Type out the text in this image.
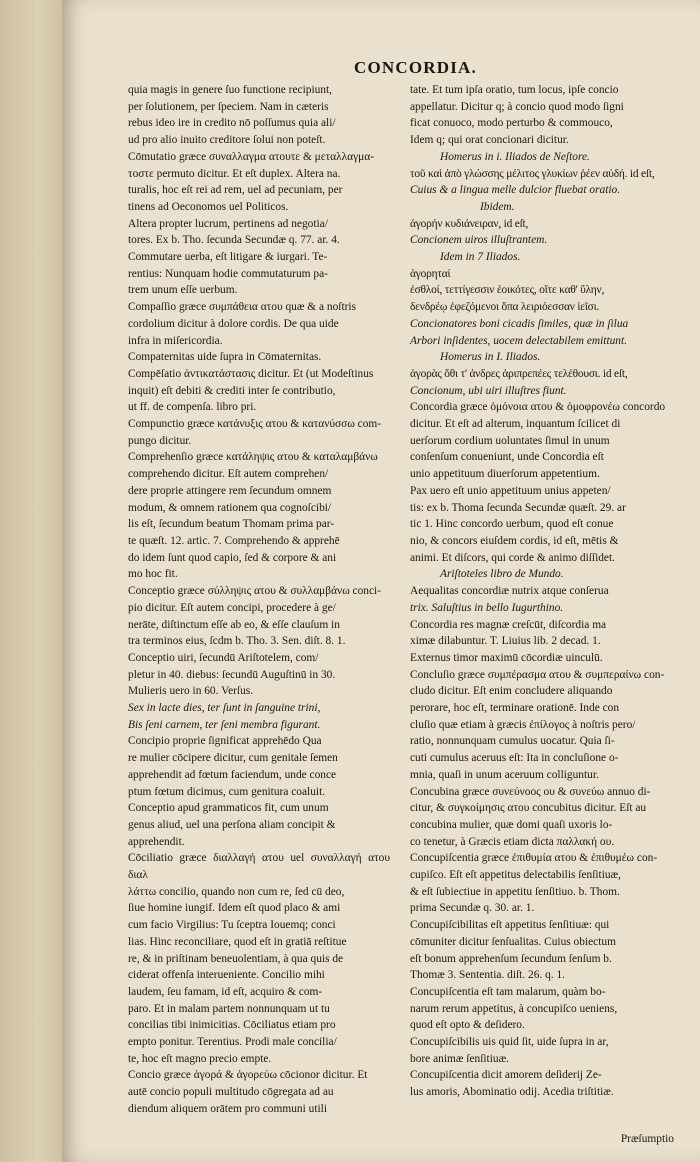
CONCORDIA.

quia magis in genere ſuo functione recipiunt,

per ſolutionem, per ſpeciem. Nam in cæteris

rebus ideo ire in credito nō poſſumus quia ali/

ud pro alio inuito creditore ſolui non poteſt.

Cōmutatio græce συναλλαγμα ατουτε & μεταλλαγμα-

τοστε permuto dicitur. Et eſt duplex. Altera na.

turalis, hoc eſt rei ad rem, uel ad pecuniam, per

tinens ad Oeconomos uel Politicos.

Altera propter lucrum, pertinens ad negotia/

tores. Ex b. Tho. ſecunda Secundæ q. 77. ar. 4.

Commutare uerba, eſt litigare & iurgari. Te-

rentius: Nunquam hodie commutaturum pa-

trem unum eſſe uerbum.

Compaſſio græce συμπάθεια ατου quæ & a noſtris

cordolium dicitur à dolore cordis. De qua uide

infra in miſericordia.

Compaternitas uide ſupra in Cōmaternitas.

Compēſatio ἀντικατάστασις dicitur. Et (ut Modeſtinus

inquit) eſt debiti & crediti inter ſe contributio,

ut ff. de compenſa. libro pri.

Compunctio græce κατάνυξις ατου & κατανύσσω com-

pungo dicitur.

Comprehenſio græce κατάληψις ατου & καταλαμβάνω

comprehendo dicitur. Eſt autem comprehen/

dere proprie attingere rem ſecundum omnem

modum, & omnem rationem qua cognoſcibi/

lis eſt, ſecundum beatum Thomam prima par-

te quæſt. 12. artic. 7. Comprehendo & apprehē

do idem ſunt quod capio, ſed & corpore & ani

mo hoc fit.

Conceptio græce σύλληψις ατου & συλλαμβάνω conci-

pio dicitur. Eſt autem concipi, procedere à ge/

nerāte, diſtinctum eſſe ab eo, & eſſe clauſum in

tra terminos eius, ſcdm b. Tho. 3. Sen. diſt. 8. 1.

Conceptio uiri, ſecundū Ariſtotelem, com/

pletur in 40. diebus: ſecundū Auguſtinū in 30.

Mulieris uero in 60. Verſus.

Sex in lacte dies, ter ſunt in ſanguine trini,

Bis ſeni carnem, ter ſeni membra figurant.

Concipio proprie ſignificat apprehēdo Qua

re mulier cōcipere dicitur, cum genitale ſemen

apprehendit ad fœtum faciendum, unde conce

ptum fœtum dicimus, cum genitura coaluit.

Conceptio apud grammaticos fit, cum unum

genus aliud, uel una perſona aliam concipit &

apprehendit.

Cōciliatio græce διαλλαγή ατου uel συναλλαγή ατου διαλ

λάττω concilio, quando non cum re, ſed cū deo,

ſiue homine iungif. Idem eſt quod placo & ami

cum facio Virgilius: Tu ſceptra Iouemq; conci

lias. Hinc reconciliare, quod eſt in gratiā reſtitue

re, & in priſtinam beneuolentiam, à qua quis de

ciderat offenſa interueniente. Concilio mihi

laudem, ſeu famam, id eſt, acquiro & com-

paro. Et in malam partem nonnunquam ut tu

concilias tibi inimicitias. Cōciliatus etiam pro

empto ponitur. Terentius. Prodi male concilia/

te, hoc eſt magno precio empte.

Concio græce ἀγορά & ἀγορεύω cōcionor dicitur. Et

autē concio populi multitudo cōgregata ad au

diendum aliquem orātem pro communi utili

tate. Et tum ipſa oratio, tum locus, ipſe concio

appellatur. Dicitur q; à concio quod modo ſigni

ficat conuoco, modo perturbo & commouco,

Idem q; qui orat concionari dicitur.

Homerus in i. Iliados de Neſtore.

τοῦ καὶ ἀπὸ γλώσσης μέλιτος γλυκίων ῥέεν αὐδή. id eſt,

Cuius & a lingua melle dulcior fluebat oratio.

Ibidem.

ἀγορήν κυδιάνειραν, id eſt,

Concionem uiros illuſtrantem.

Idem in 7 Iliados.

ἀγορηταί

ἐσθλοί, τεττίγεσσιν ἐοικότες, οἵτε καθ' ὕλην,

δενδρέῳ ἐφεζόμενοι ὄπα λειριόεσσαν ἱεῖσι.

Concionatores boni cicadis ſimiles, quæ in ſilua

Arbori inſidentes, uocem delectabilem emittunt.

Homerus in I. Iliados.

ἀγορὰς ὅθι τ' ἀνδρες ἀριπρεπέες τελέθουσι. id eſt,

Concionum, ubi uiri illuſtres fiunt.

Concordia græce ὁμόνοια ατου & ὁμοφρονέω concordo

dicitur. Et eſt ad alterum, inquantum ſcilicet di

uerſorum cordium uoluntates ſimul in unum

conſenſum conueniunt, unde Concordia eſt

unio appetituum diuerſorum appetentium.

Pax uero eſt unio appetituum unius appeten/

tis: ex b. Thoma ſecunda Secundæ quæſt. 29. ar

tic 1. Hinc concordo uerbum, quod eſt conue

nio, & concors eiuſdem cordis, id eſt, mētis &

animi. Et diſcors, qui corde & animo diſſidet.

Ariſtoteles libro de Mundo.

Aequalitas concordiæ nutrix atque conſerua

trix. Saluſtius in bello Iugurthino.

Concordia res magnæ creſcūt, diſcordia ma

ximæ dilabuntur. T. Liuius lib. 2 decad. 1.

Externus timor maximū cōcordiæ uinculū.

Concluſio græce συμπέρασμα ατου & συμπεραίνω con-

cludo dicitur. Eſt enim concludere aliquando

perorare, hoc eſt, terminare orationē. Inde con

cluſio quæ etiam à græcis ἐπίλογος à noſtris pero/

ratio, nonnunquam cumulus uocatur. Quia ſi-

cuti cumulus aceruus eſt: Ita in concluſione o-

mnia, quaſi in unum aceruum colliguntur.

Concubina græce συνεύνοος ου & συνεύω annuo di-

citur, & συγκοίμησις ατου concubitus dicitur. Eſt au

concubina mulier, quæ domi quaſi uxoris lo-

co tenetur, à Græcis etiam dicta παλλακή ου.

Concupiſcentia græce ἐπιθυμία ατου & ἐπιθυμέω con-

cupiſco. Eſt eſt appetitus delectabilis ſenſitiuæ,

& eſt ſubiectiue in appetitu ſenſitiuo. b. Thom.

prima Secundæ q. 30. ar. 1.

Concupiſcibilitas eſt appetitus ſenſitiuæ: qui

cōmuniter dicitur ſenſualitas. Cuius obiectum

eſt bonum apprehenſum ſecundum ſenſum b.

Thomæ 3. Sententia. diſt. 26. q. 1.

Concupiſcentia eſt tam malarum, quàm bo-

narum rerum appetitus, à concupiſco ueniens,

quod eſt opto & deſidero.

Concupiſcibilis uis quid ſit, uide ſupra in ar,

bore animæ ſenſitiuæ.

Concupiſcentia dicit amorem deſiderij Ze-

lus amoris, Abominatio odij. Acedia triſtitiæ.

Præſumptio
